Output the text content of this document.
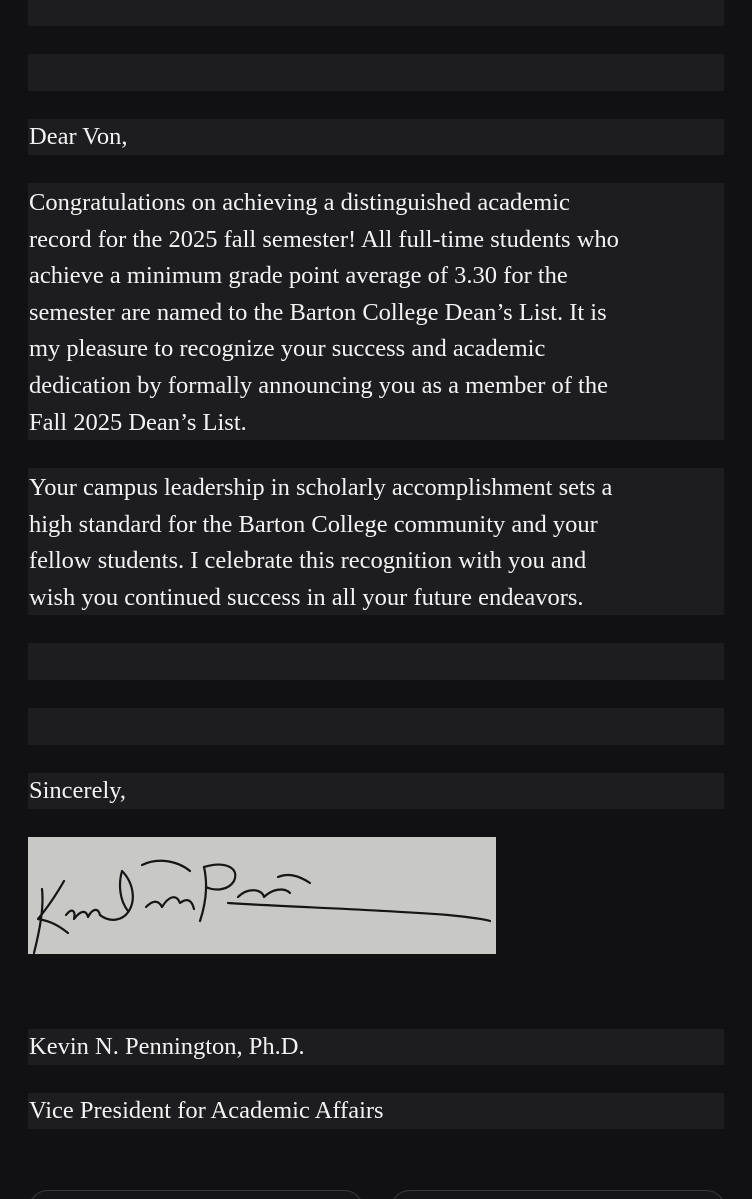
Dear Von,
Congratulations on achieving a distinguished academic
record for the 2025 fall semester! All full-time students who
achieve a minimum grade point average of 3.30 for the
semester are named to the Barton College Dean’s List. It is
my pleasure to recognize your success and academic
dedication by formally announcing you as a member of the
Fall 2025 Dean’s List.
Your campus leadership in scholarly accomplishment sets a
high standard for the Barton College community and your
fellow students. I celebrate this recognition with you and
wish you continued success in all your future endeavors.
Sincerely,
Kevin N. Pennington, Ph.D.
Vice President for Academic Affairs
